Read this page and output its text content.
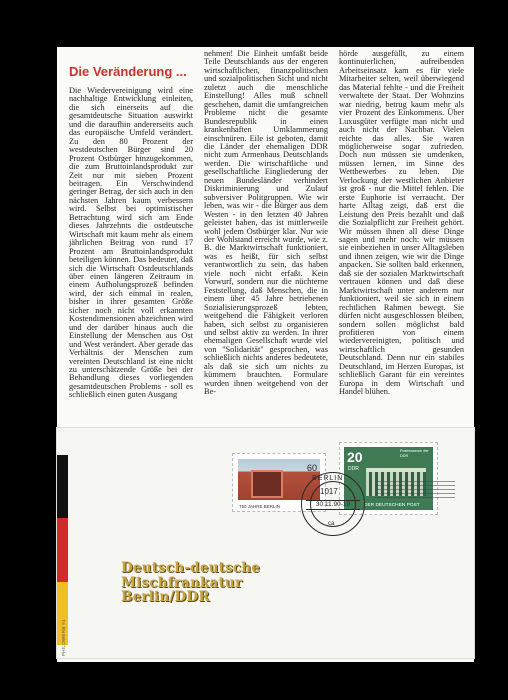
Die Veränderung ...
Die Wiedervereinigung wird eine nachhaltige Entwicklung einleiten, die sich einerseits auf die gesamtdeutsche Situation auswirkt und die daraufhin andererseits auch das europäische Umfeld verändert. Zu den 80 Prozent der westdeutschen Bürger sind 20 Prozent Ostbürger hinzugekommen, die zum Bruttoinlandsprodukt zur Zeit nur mit sieben Prozent beitragen. Ein Verschwindend geringer Betrag, der sich auch in den nächsten Jahren kaum verbessern wird. Selbst bei optimistischer Betrachtung wird sich am Ende dieses Jahrzehnts die ostdeutsche Wirtschaft mit kaum mehr als einem jährlichen Beitrag von rund 17 Prozent am Bruttoinlandsprodukt beteiligen können. Das bedeutet, daß sich die Wirtschaft Ostdeutschlands über einen längeren Zeitraum in einem Aufholungsprozeß befinden wird, der sich einmal in realen, bisher in ihrer gesamten Größe sicher noch nicht voll erkannten Kostendimensionen abzeichnen wird und der darüber hinaus auch die Einstellung der Menschen aus Ost und West verändert. Aber gerade das Verhältnis der Menschen zum vereinten Deutschland ist eine nicht zu unterschätzende Größe bei der Behandlung dieses vorliegenden gesamtdeutschen Problems - soll es schließlich einen guten Ausgang
nehmen! Die Einheit umfaßt beide Teile Deutschlands aus der engeren wirtschaftlichen, finanzpolitischen und sozialpolitischen Sicht und nicht zuletzt auch die menschliche Einstellung! Alles muß schnell geschehen, damit die umfangreichen Probleme nicht die gesamte Bundesrepublik in einen krankenhaften Umklammerung einschnüren. Eile ist geboten, damit die Länder der ehemaligen DDR nicht zum Armenhaus Deutschlands werden. Die wirtschaftliche und gesellschaftliche Eingliederung der neuen Bundesländer verhindert Diskriminierung und Zulauf subversiver Politgruppen. Wie wir leben, was wir - die Bürger aus dem Westen - in den letzten 40 Jahren geleistet haben, das ist mittlerweile wohl jedem Ostbürger klar. Nur wie der Wohlstand erreicht wurde, wie z. B. die Marktwirtschaft funktioniert, was es heißt, für sich selbst verantwortlich zu sein, das haben viele noch nicht erfaßt. Kein Vorwurf, sondern nur die nüchterne Feststellung, daß Menschen, die in einem über 45 Jahre betriebenen Sozialisierungsprozeß lebten, weitgehend die Fähigkeit verloren haben, sich selbst zu organisieren und selbst aktiv zu werden. In ihrer ehemaligen Gesellschaft wurde viel von "Solidarität" gesprochen, was schließlich nichts anderes bedeutete, als daß sie sich um nichts zu kümmern brauchten. Formulare wurden ihnen weitgehend von der Be-
hörde ausgefüllt, zu einem kontinuierlichen, aufreibenden Arbeitseinsatz kam es für viele Mitarbeiter selten, weil überwiegend das Material fehlte - und die Freiheit verwaltete der Staat. Der Wohnzins war niedrig, betrug kaum mehr als vier Prozent des Einkommens. Über Luxusgüter verfügte man nicht und auch nicht der Nachbar. Vielen reichte das alles. Sie waren möglicherweise sogar zufrieden. Doch nun müssen sie umdenken, müssen lernen, im Sinne des Wettbewerbes zu leben. Die Verlockung der westlichen Anbieter ist groß - nur die Mittel fehlen. Die erste Euphorie ist verraucht. Der harte Alltag zeigt, daß erst die Leistung den Preis bezahlt und daß die Sozialpflicht zur Freiheit gehört. Wir müssen ihnen all diese Dinge sagen und mehr noch: wir müssen sie einbeziehen in unser Alltagsleben und ihnen zeigen, wie wir die Dinge anpacken. Sie sollten bald erkennen, daß sie der sozialen Marktwirtschaft vertrauen können und daß diese Marktwirtschaft unter anderem nur funktioniert, weil sie sich in einem rechtlichen Rahmen bewegt. Sie dürfen nicht ausgeschlossen bleiben, sondern sollen möglichst bald profitieren von einem wiedervereinigten, politisch und wirtschaftlich gesunden Deutschland. Denn nur ein stabiles Deutschland, im Herzen Europas, ist schließlich Garant für ein vereintes Europa in dem Wirtschaft und Handel blühen.
PHILOWERB 91
60
750 JAHRE BERLIN
20
DDR
Postmuseum der DDR
DER DEUTSCHEN POST
BERLIN
1017
30.11.90-10
ca
Deutsch-deutsche
Mischfrankatur
Berlin/DDR
